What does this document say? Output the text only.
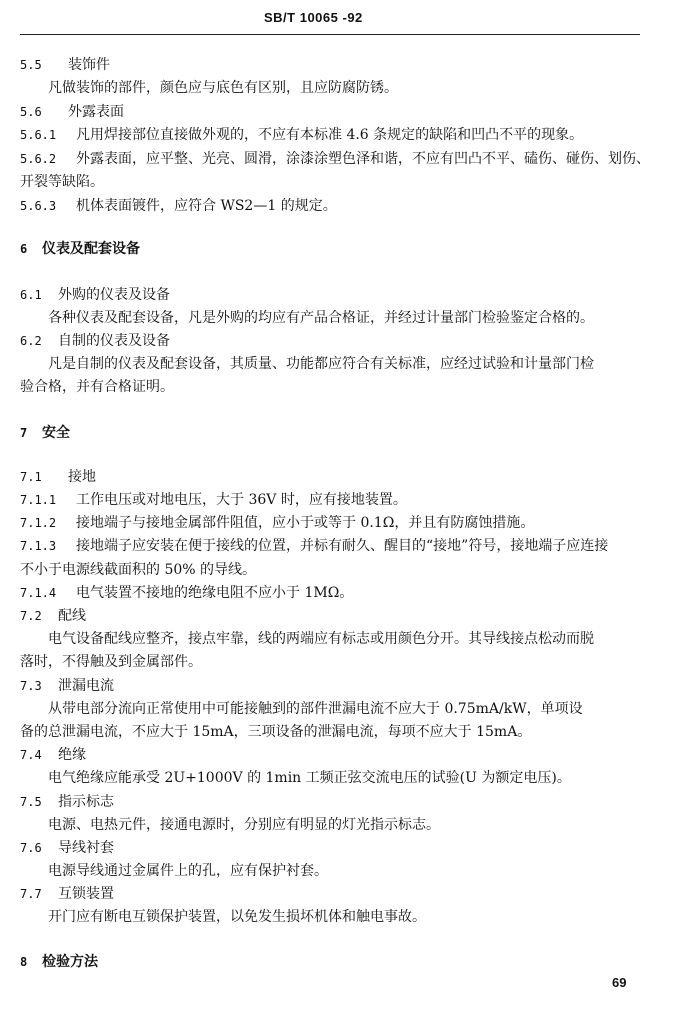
SB/T 10065 -92
5.5 装饰件
凡做装饰的部件，颜色应与底色有区别，且应防腐防锈。
5.6 外露表面
5.6.1 凡用焊接部位直接做外观的，不应有本标准 4.6 条规定的缺陷和凹凸不平的现象。
5.6.2 外露表面，应平整、光亮、圆滑，涂漆涂塑色泽和谐，不应有凹凸不平、磕伤、碰伤、划伤、
开裂等缺陷。
5.6.3 机体表面镀件，应符合 WS2—1 的规定。
6 仪表及配套设备
6.1 外购的仪表及设备
各种仪表及配套设备，凡是外购的均应有产品合格证，并经过计量部门检验鉴定合格的。
6.2 自制的仪表及设备
凡是自制的仪表及配套设备，其质量、功能都应符合有关标准，应经过试验和计量部门检
验合格，并有合格证明。
7 安全
7.1 接地
7.1.1 工作电压或对地电压，大于 36V 时，应有接地装置。
7.1.2 接地端子与接地金属部件阻值，应小于或等于 0.1Ω，并且有防腐蚀措施。
7.1.3 接地端子应安装在便于接线的位置，并标有耐久、醒目的“接地”符号，接地端子应连接
不小于电源线截面积的 50% 的导线。
7.1.4 电气装置不接地的绝缘电阻不应小于 1MΩ。
7.2 配线
电气设备配线应整齐，接点牢靠，线的两端应有标志或用颜色分开。其导线接点松动而脱
落时，不得触及到金属部件。
7.3 泄漏电流
从带电部分流向正常使用中可能接触到的部件泄漏电流不应大于 0.75mA/kW，单项设
备的总泄漏电流，不应大于 15mA，三项设备的泄漏电流，每项不应大于 15mA。
7.4 绝缘
电气绝缘应能承受 2U+1000V 的 1min 工频正弦交流电压的试验(U 为额定电压)。
7.5 指示标志
电源、电热元件，接通电源时，分别应有明显的灯光指示标志。
7.6 导线衬套
电源导线通过金属件上的孔，应有保护衬套。
7.7 互锁装置
开门应有断电互锁保护装置，以免发生损坏机体和触电事故。
8 检验方法
69
